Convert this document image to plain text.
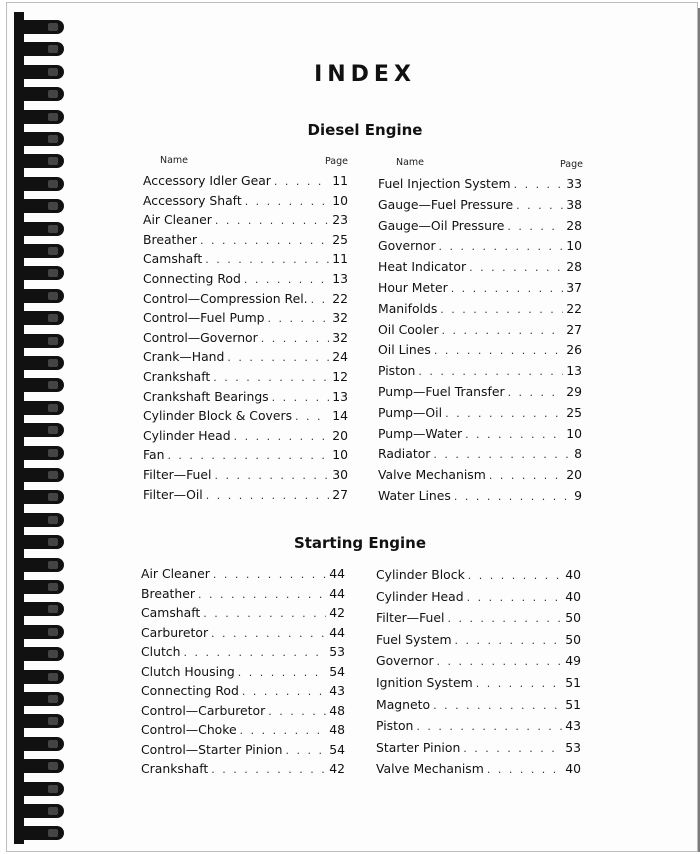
INDEX
Diesel Engine
Name	Page	Name	Page
Accessory Idler Gear . . .	11
Accessory Shaft . . .	10
Air Cleaner . . .	23
Breather . . .	25
Camshaft . . .	11
Connecting Rod . . .	13
Control—Compression Rel. . . . 22
Control—Fuel Pump . . .	32
Control—Governor . . .	32
Crank—Hand . . .	24
Crankshaft . . .	12
Crankshaft Bearings . . .	13
Cylinder Block & Covers . . .	14
Cylinder Head . . .	20
Fan . . .	10
Filter—Fuel . . .	30
Filter—Oil . . .	27
Fuel Injection System . . .	33
Gauge—Fuel Pressure . . .	38
Gauge—Oil Pressure . . .	28
Governor . . .	10
Heat Indicator . . .	28
Hour Meter . . .	37
Manifolds . . .	22
Oil Cooler . . .	27
Oil Lines . . .	26
Piston . . .	13
Pump—Fuel Transfer . . .	29
Pump—Oil . . .	25
Pump—Water . . .	10
Radiator . . .	8
Valve Mechanism . . .	20
Water Lines . . .	9
Starting Engine
Air Cleaner . . .	44
Breather . . .	44
Camshaft . . .	42
Carburetor . . .	44
Clutch . . .	53
Clutch Housing . . .	54
Connecting Rod . . .	43
Control—Carburetor . . .	48
Control—Choke . . .	48
Control—Starter Pinion . . .	54
Crankshaft . . .	42
Cylinder Block . . .	40
Cylinder Head . . .	40
Filter—Fuel . . .	50
Fuel System . . .	50
Governor . . .	49
Ignition System . . .	51
Magneto . . .	51
Piston . . .	43
Starter Pinion . . .	53
Valve Mechanism . . .	40
